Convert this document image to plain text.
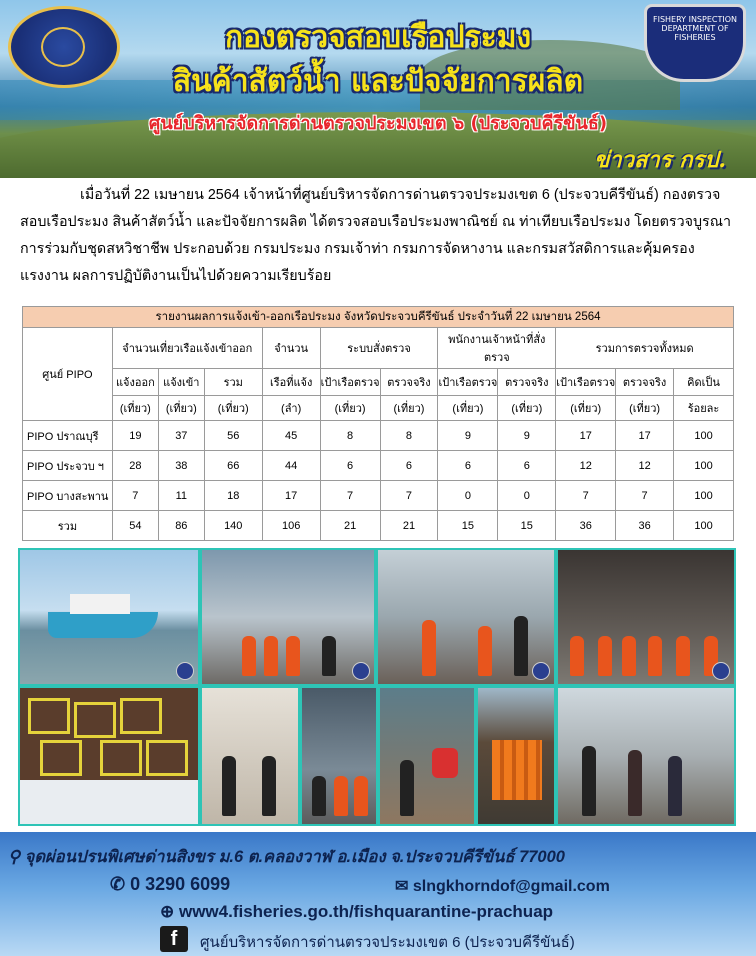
FISHERY INSPECTION DEPARTMENT OF FISHERIES
กองตรวจสอบเรือประมง
สินค้าสัตว์น้ำ และปัจจัยการผลิต
ศูนย์บริหารจัดการด่านตรวจประมงเขต ๖ (ประจวบคีรีขันธ์)
ข่าวสาร กรป.
เมื่อวันที่ 22 เมษายน 2564 เจ้าหน้าที่ศูนย์บริหารจัดการด่านตรวจประมงเขต 6 (ประจวบคีรีขันธ์) กองตรวจสอบเรือประมง สินค้าสัตว์น้ำ และปัจจัยการผลิต ได้ตรวจสอบเรือประมงพาณิชย์ ณ ท่าเทียบเรือประมง โดยตรวจบูรณาการร่วมกับชุดสหวิชาชีพ ประกอบด้วย กรมประมง กรมเจ้าท่า กรมการจัดหางาน และกรมสวัสดิการและคุ้มครองแรงงาน ผลการปฏิบัติงานเป็นไปด้วยความเรียบร้อย
รายงานผลการแจ้งเข้า-ออกเรือประมง จังหวัดประจวบคีรีขันธ์ ประจำวันที่ 22 เมษายน 2564											
ศูนย์ PIPO	จำนวนเที่ยวเรือแจ้งเข้าออก			จำนวน	ระบบสั่งตรวจ		พนักงานเจ้าหน้าที่สั่งตรวจ		รวมการตรวจทั้งหมด		
	แจ้งออก	แจ้งเข้า	รวม	เรือที่แจ้ง	เป้าเรือตรวจ	ตรวจจริง	เป้าเรือตรวจ	ตรวจจริง	เป้าเรือตรวจ	ตรวจจริง	คิดเป็น
	(เที่ยว)	(เที่ยว)	(เที่ยว)	(ลำ)	(เที่ยว)	(เที่ยว)	(เที่ยว)	(เที่ยว)	(เที่ยว)	(เที่ยว)	ร้อยละ
PIPO ปราณบุรี	19	37	56	45	8	8	9	9	17	17	100
PIPO ประจวบ ฯ	28	38	66	44	6	6	6	6	12	12	100
PIPO บางสะพาน	7	11	18	17	7	7	0	0	7	7	100
รวม	54	86	140	106	21	21	15	15	36	36	100
⚲ จุดผ่อนปรนพิเศษด่านสิงขร ม.6 ต.คลองวาฬ อ.เมือง จ.ประจวบคีรีขันธ์ 77000
✆ 0 3290 6099	✉ slngkhorndof@gmail.com
⊕ www4.fisheries.go.th/fishquarantine-prachuap
f	ศูนย์บริหารจัดการด่านตรวจประมงเขต 6 (ประจวบคีรีขันธ์)
